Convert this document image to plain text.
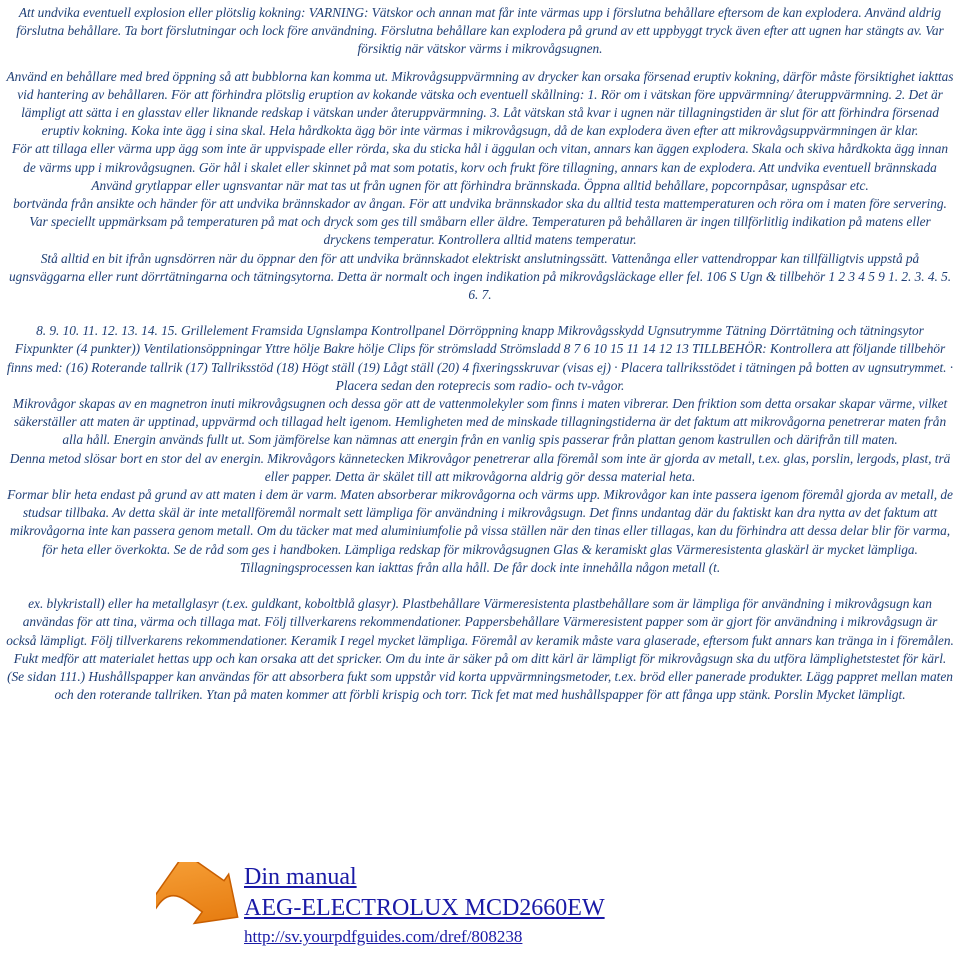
Att undvika eventuell explosion eller plötslig kokning: VARNING: Vätskor och annan mat får inte värmas upp i förslutna behållare eftersom de kan explodera. Använd aldrig förslutna behållare. Ta bort förslutningar och lock före användning. Förslutna behållare kan explodera på grund av ett uppbyggt tryck även efter att ugnen har stängts av. Var försiktig när vätskor värms i mikrovågsugnen.

Använd en behållare med bred öppning så att bubblorna kan komma ut. Mikrovågsuppvärmning av drycker kan orsaka försenad eruptiv kokning, därför måste försiktighet iakttas vid hantering av behållaren. För att förhindra plötslig eruption av kokande vätska och eventuell skållning: 1. Rör om i vätskan före uppvärmning/ återuppvärmning. 2. Det är lämpligt att sätta i en glasstav eller liknande redskap i vätskan under återuppvärmning. 3. Låt vätskan stå kvar i ugnen när tillagningstiden är slut för att förhindra försenad eruptiv kokning. Koka inte ägg i sina skal. Hela hårdkokta ägg bör inte värmas i mikrovågsugn, då de kan explodera även efter att mikrovågsuppvärmningen är klar.

För att tillaga eller värma upp ägg som inte är uppvispade eller rörda, ska du sticka hål i äggulan och vitan, annars kan äggen explodera. Skala och skiva hårdkokta ägg innan de värms upp i mikrovågsugnen. Gör hål i skalet eller skinnet på mat som potatis, korv och frukt före tillagning, annars kan de explodera. Att undvika eventuell brännskada Använd grytlappar eller ugnsvantar när mat tas ut från ugnen för att förhindra brännskada. Öppna alltid behållare, popcornpåsar, ugnspåsar etc.

bortvända från ansikte och händer för att undvika brännskador av ångan. För att undvika brännskador ska du alltid testa mattemperaturen och röra om i maten före servering. Var speciellt uppmärksam på temperaturen på mat och dryck som ges till småbarn eller äldre. Temperaturen på behållaren är ingen tillförlitlig indikation på matens eller dryckens temperatur. Kontrollera alltid matens temperatur.

Stå alltid en bit ifrån ugnsdörren när du öppnar den för att undvika brännskadot elektriskt anslutningssätt. Vattenånga eller vattendroppar kan tillfälligtvis uppstå på ugnsväggarna eller runt dörrtätningarna och tätningsytorna. Detta är normalt och ingen indikation på mikrovågsläckage eller fel. 106 S Ugn & tillbehör 1 2 3 4 5 9 1. 2. 3. 4. 5. 6. 7.

8. 9. 10. 11. 12. 13. 14. 15. Grillelement Framsida Ugnslampa Kontrollpanel Dörröppning knapp Mikrovågsskydd Ugnsutrymme Tätning Dörrtätning och tätningsytor Fixpunkter (4 punkter)) Ventilationsöppningar Yttre hölje Bakre hölje Clips för strömsladd Strömsladd 8 7 6 10 15 11 14 12 13 TILLBEHÖR: Kontrollera att följande tillbehör finns med: (16) Roterande tallrik (17) Tallriksstöd (18) Högt ställ (19) Lågt ställ (20) 4 fixeringsskruvar (visas ej) · Placera tallriksstödet i tätningen på botten av ugnsutrymmet. · Placera sedan den roteprecis som radio- och tv-vågor.

Mikrovågor skapas av en magnetron inuti mikrovågsugnen och dessa gör att de vattenmolekyler som finns i maten vibrerar. Den friktion som detta orsakar skapar värme, vilket säkerställer att maten är upptinad, uppvärmd och tillagad helt igenom. Hemligheten med de minskade tillagningstiderna är det faktum att mikrovågorna penetrerar maten från alla håll. Energin används fullt ut. Som jämförelse kan nämnas att energin från en vanlig spis passerar från plattan genom kastrullen och därifrån till maten.

Denna metod slösar bort en stor del av energin. Mikrovågors kännetecken Mikrovågor penetrerar alla föremål som inte är gjorda av metall, t.ex. glas, porslin, lergods, plast, trä eller papper. Detta är skälet till att mikrovågorna aldrig gör dessa material heta.

Formar blir heta endast på grund av att maten i dem är varm. Maten absorberar mikrovågorna och värms upp. Mikrovågor kan inte passera igenom föremål gjorda av metall, de studsar tillbaka. Av detta skäl är inte metallföremål normalt sett lämpliga för användning i mikrovågsugn. Det finns undantag där du faktiskt kan dra nytta av det faktum att mikrovågorna inte kan passera genom metall. Om du täcker mat med aluminiumfolie på vissa ställen när den tinas eller tillagas, kan du förhindra att dessa delar blir för varma, för heta eller överkokta. Se de råd som ges i handboken. Lämpliga redskap för mikrovågsugnen Glas & keramiskt glas Värmeresistenta glaskärl är mycket lämpliga. Tillagningsprocessen kan iakttas från alla håll. De får dock inte innehålla någon metall (t.

ex. blykristall) eller ha metallglasyr (t.ex. guldkant, koboltblå glasyr). Plastbehållare Värmeresistenta plastbehållare som är lämpliga för användning i mikrovågsugn kan användas för att tina, värma och tillaga mat. Följ tillverkarens rekommendationer. Pappersbehållare Värmeresistent papper som är gjort för användning i mikrovågsugn är också lämpligt. Följ tillverkarens rekommendationer. Keramik I regel mycket lämpliga. Föremål av keramik måste vara glaserade, eftersom fukt annars kan tränga in i föremålen.

Fukt medför att materialet hettas upp och kan orsaka att det spricker. Om du inte är säker på om ditt kärl är lämpligt för mikrovågsugn ska du utföra lämplighetstestet för kärl. (Se sidan 111.) Hushållspapper kan användas för att absorbera fukt som uppstår vid korta uppvärmningsmetoder, t.ex. bröd eller panerade produkter. Lägg pappret mellan maten och den roterande tallriken. Ytan på maten kommer att förbli krispig och torr. Tick fet mat med hushållspapper för att fånga upp stänk. Porslin Mycket lämpligt.

Din manual
AEG-ELECTROLUX MCD2660EW
http://sv.yourpdfguides.com/dref/808238
